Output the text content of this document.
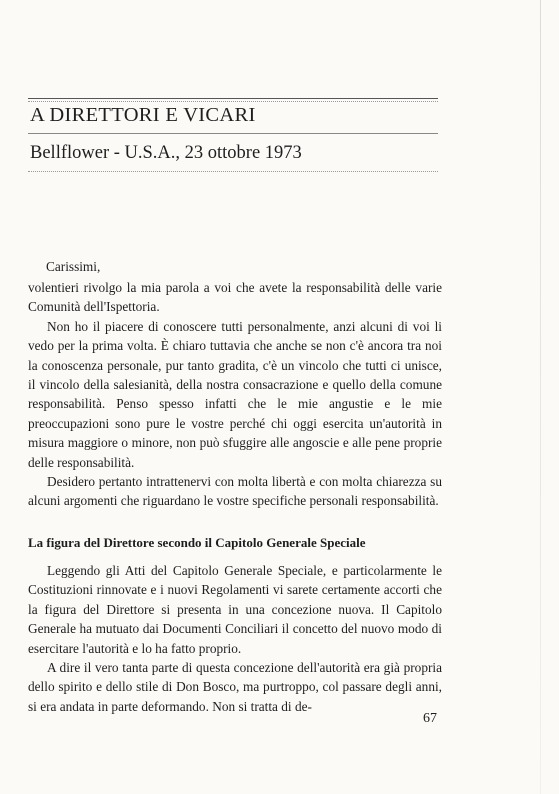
A DIRETTORI E VICARI
Bellflower - U.S.A., 23 ottobre 1973

Carissimi,

volentieri rivolgo la mia parola a voi che avete la responsabilità delle varie Comunità dell'Ispettoria.

Non ho il piacere di conoscere tutti personalmente, anzi alcuni di voi li vedo per la prima volta. È chiaro tuttavia che anche se non c'è ancora tra noi la conoscenza personale, pur tanto gradita, c'è un vincolo che tutti ci unisce, il vincolo della salesianità, della nostra consacrazione e quello della comune responsabilità. Penso spesso infatti che le mie angustie e le mie preoccupazioni sono pure le vostre perché chi oggi esercita un'autorità in misura maggiore o minore, non può sfuggire alle angoscie e alle pene proprie delle responsabilità.

Desidero pertanto intrattenervi con molta libertà e con molta chiarezza su alcuni argomenti che riguardano le vostre specifiche personali responsabilità.

La figura del Direttore secondo il Capitolo Generale Speciale

Leggendo gli Atti del Capitolo Generale Speciale, e particolarmente le Costituzioni rinnovate e i nuovi Regolamenti vi sarete certamente accorti che la figura del Direttore si presenta in una concezione nuova. Il Capitolo Generale ha mutuato dai Documenti Conciliari il concetto del nuovo modo di esercitare l'autorità e lo ha fatto proprio.

A dire il vero tanta parte di questa concezione dell'autorità era già propria dello spirito e dello stile di Don Bosco, ma purtroppo, col passare degli anni, si era andata in parte deformando. Non si tratta di de-

67
